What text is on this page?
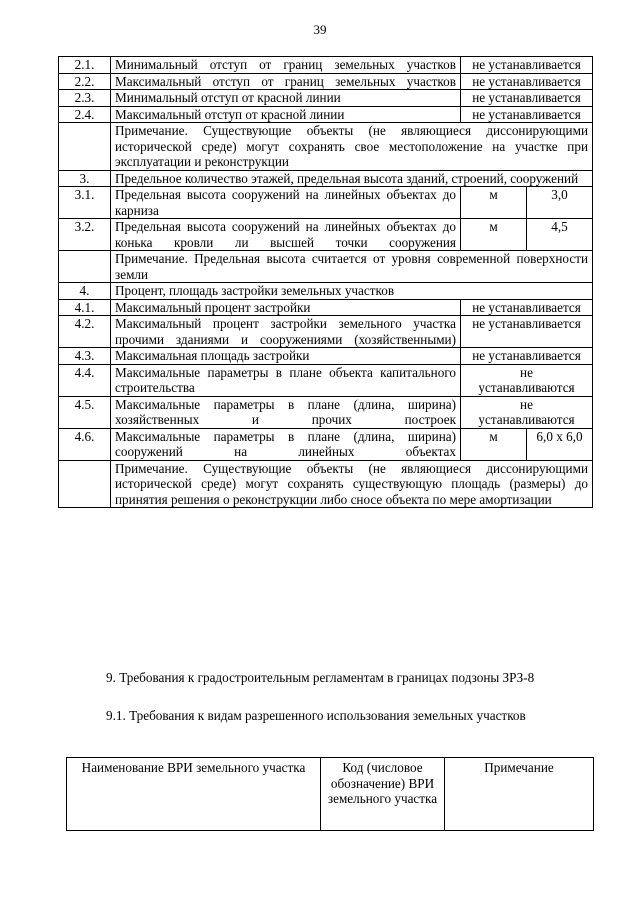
39
2.1.	Минимальный отступ от границ земельных участков	не устанавливается	
2.2.	Максимальный отступ от границ земельных участков	не устанавливается	
2.3.	Минимальный отступ от красной линии	не устанавливается	
2.4.	Максимальный отступ от красной линии	не устанавливается	
	Примечание. Существующие объекты (не являющиеся диссонирующими исторической среде) могут сохранять свое местоположение на участке при эксплуатации и реконструкции		
3.	Предельное количество этажей, предельная высота зданий, строений, сооружений		
3.1.	Предельная высота сооружений на линейных объектах до карниза	м	3,0
3.2.	Предельная высота сооружений на линейных объектах до конька кровли ли высшей точки сооружения	м	4,5
	Примечание. Предельная высота считается от уровня современной поверхности земли		
4.	Процент, площадь застройки земельных участков		
4.1.	Максимальный процент застройки	не устанавливается	
4.2.	Максимальный процент застройки земельного участка прочими зданиями и сооружениями (хозяйственными)	не устанавливается	
4.3.	Максимальная площадь застройки	не устанавливается	
4.4.	Максимальные параметры в плане объекта капитального строительства	не устанавливаются	
4.5.	Максимальные параметры в плане (длина, ширина) хозяйственных и прочих построек	не устанавливаются	
4.6.	Максимальные параметры в плане (длина, ширина) сооружений на линейных объектах	м	6,0 х 6,0
	Примечание. Существующие объекты (не являющиеся диссонирующими исторической среде) могут сохранять существующую площадь (размеры) до принятия решения о реконструкции либо сносе объекта по мере амортизации		
9. Требования к градостроительным регламентам в границах подзоны ЗРЗ-8
9.1. Требования к видам разрешенного использования земельных участков
Наименование ВРИ земельного участка	Код (числовое обозначение) ВРИ земельного участка	Примечание
